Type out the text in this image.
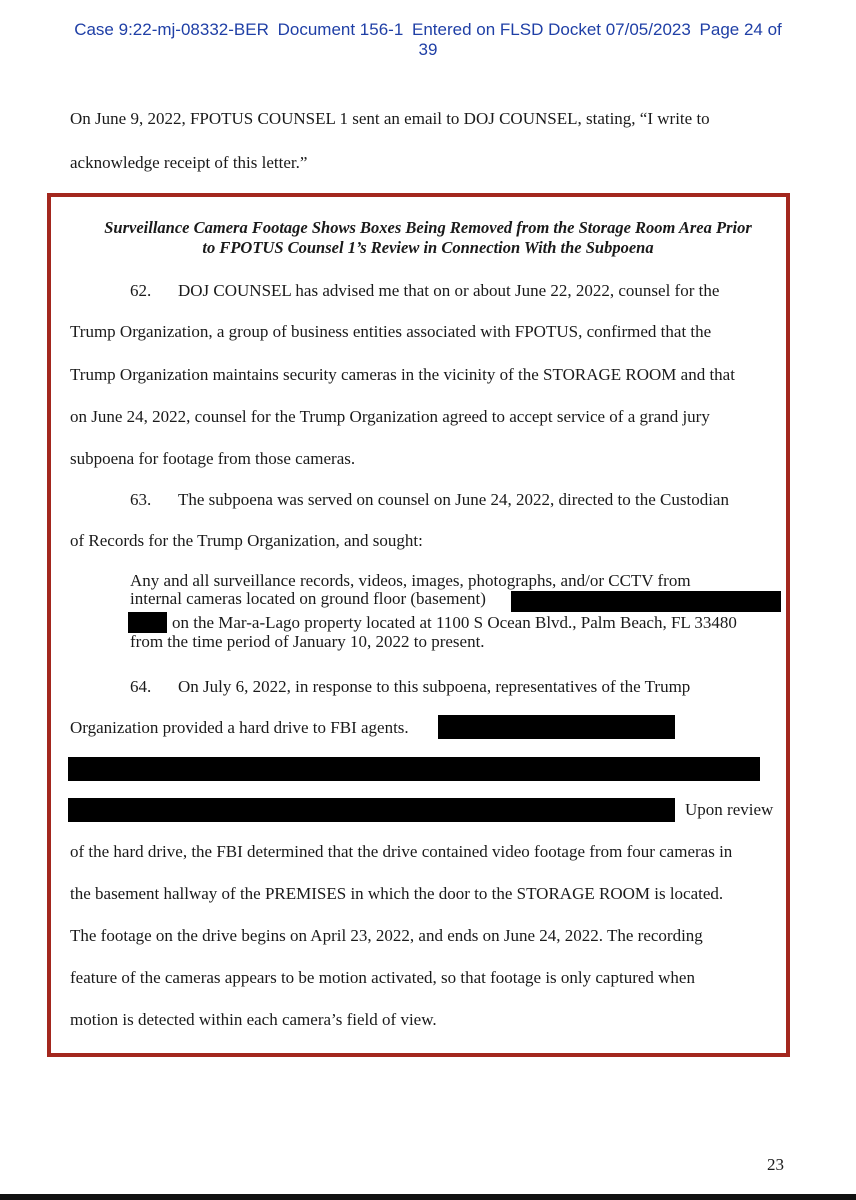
Case 9:22-mj-08332-BER Document 156-1 Entered on FLSD Docket 07/05/2023 Page 24 of
39
On June 9, 2022, FPOTUS COUNSEL 1 sent an email to DOJ COUNSEL, stating, “I write to
acknowledge receipt of this letter.”
Surveillance Camera Footage Shows Boxes Being Removed from the Storage Room Area Prior
to FPOTUS Counsel 1’s Review in Connection With the Subpoena
62. DOJ COUNSEL has advised me that on or about June 22, 2022, counsel for the
Trump Organization, a group of business entities associated with FPOTUS, confirmed that the
Trump Organization maintains security cameras in the vicinity of the STORAGE ROOM and that
on June 24, 2022, counsel for the Trump Organization agreed to accept service of a grand jury
subpoena for footage from those cameras.
63. The subpoena was served on counsel on June 24, 2022, directed to the Custodian
of Records for the Trump Organization, and sought:
Any and all surveillance records, videos, images, photographs, and/or CCTV from
internal cameras located on ground floor (basement)
on the Mar-a-Lago property located at 1100 S Ocean Blvd., Palm Beach, FL 33480
from the time period of January 10, 2022 to present.
64. On July 6, 2022, in response to this subpoena, representatives of the Trump
Organization provided a hard drive to FBI agents.
Upon review
of the hard drive, the FBI determined that the drive contained video footage from four cameras in
the basement hallway of the PREMISES in which the door to the STORAGE ROOM is located.
The footage on the drive begins on April 23, 2022, and ends on June 24, 2022. The recording
feature of the cameras appears to be motion activated, so that footage is only captured when
motion is detected within each camera’s field of view.
23
